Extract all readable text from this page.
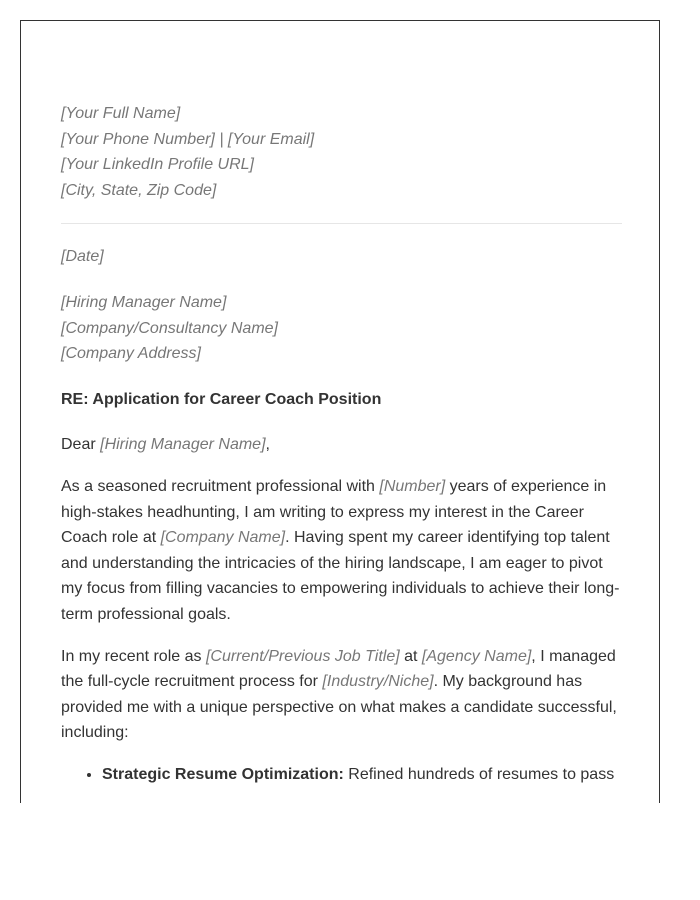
[Your Full Name]
[Your Phone Number] | [Your Email]
[Your LinkedIn Profile URL]
[City, State, Zip Code]
[Date]
[Hiring Manager Name]
[Company/Consultancy Name]
[Company Address]

RE: Application for Career Coach Position

Dear [Hiring Manager Name],

As a seasoned recruitment professional with [Number] years of experience in high-stakes headhunting, I am writing to express my interest in the Career Coach role at [Company Name]. Having spent my career identifying top talent and understanding the intricacies of the hiring landscape, I am eager to pivot my focus from filling vacancies to empowering individuals to achieve their long-term professional goals.

In my recent role as [Current/Previous Job Title] at [Agency Name], I managed the full-cycle recruitment process for [Industry/Niche]. My background has provided me with a unique perspective on what makes a candidate successful, including:

• Strategic Resume Optimization: Refined hundreds of resumes to pass
